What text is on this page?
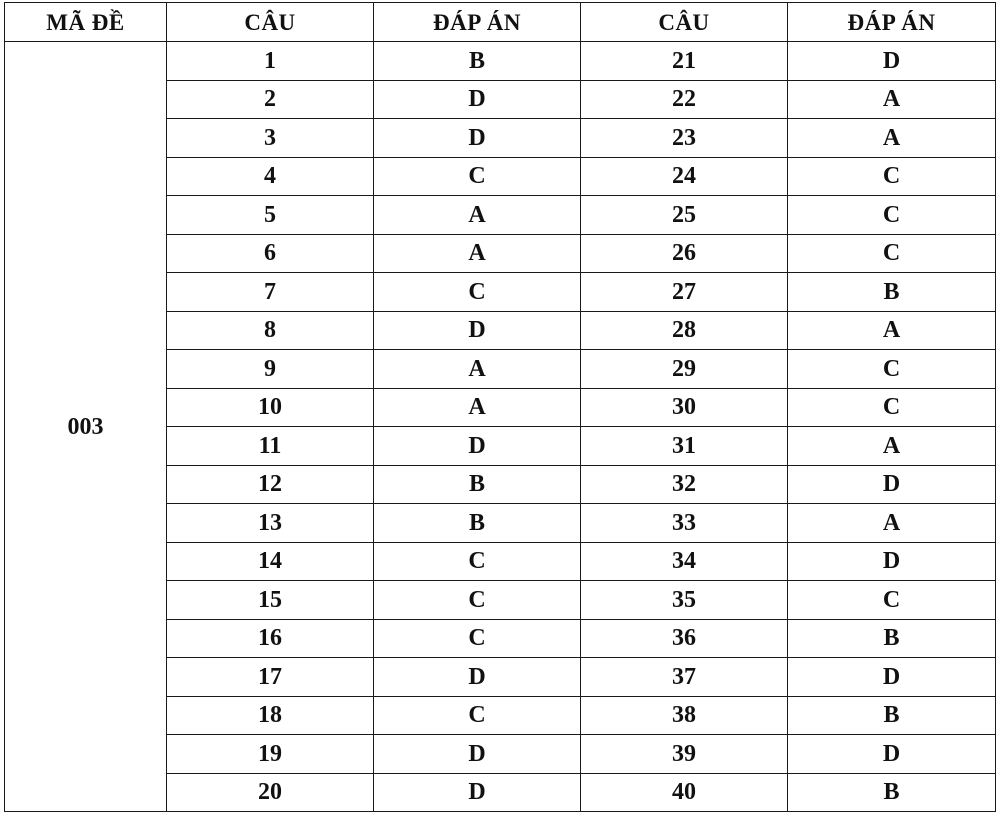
MÃ ĐỀ	CÂU	ĐÁP ÁN	CÂU	ĐÁP ÁN
003	1	B	21	D
	2	D	22	A
	3	D	23	A
	4	C	24	C
	5	A	25	C
	6	A	26	C
	7	C	27	B
	8	D	28	A
	9	A	29	C
	10	A	30	C
	11	D	31	A
	12	B	32	D
	13	B	33	A
	14	C	34	D
	15	C	35	C
	16	C	36	B
	17	D	37	D
	18	C	38	B
	19	D	39	D
	20	D	40	B
